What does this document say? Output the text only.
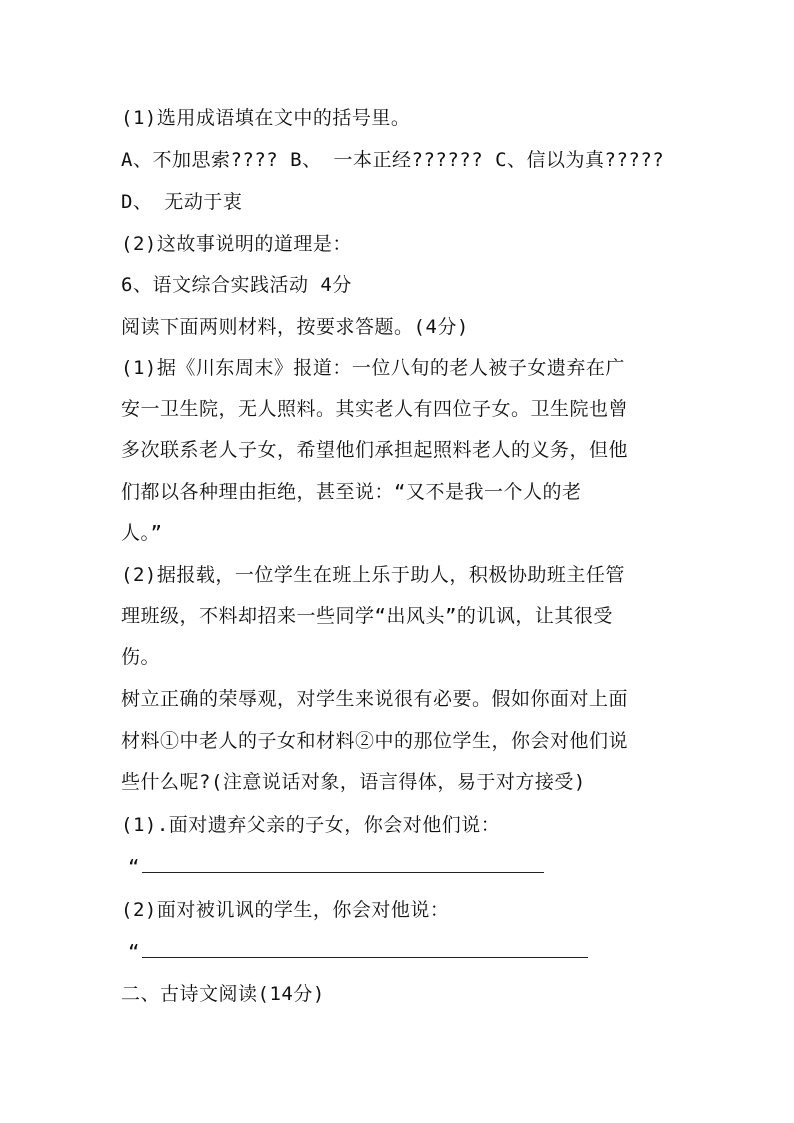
(1)选用成语填在文中的括号里。
A、不加思索???? B、 一本正经?????? C、信以为真?????
D、 无动于衷
(2)这故事说明的道理是：
6、语文综合实践活动 4分
阅读下面两则材料，按要求答题。(4分)
(1)据《川东周末》报道：一位八旬的老人被子女遗弃在广
安一卫生院，无人照料。其实老人有四位子女。卫生院也曾
多次联系老人子女，希望他们承担起照料老人的义务，但他
们都以各种理由拒绝，甚至说：“又不是我一个人的老
人。”
(2)据报载，一位学生在班上乐于助人，积极协助班主任管
理班级，不料却招来一些同学“出风头”的讥讽，让其很受
伤。
树立正确的荣辱观，对学生来说很有必要。假如你面对上面
材料①中老人的子女和材料②中的那位学生，你会对他们说
些什么呢?(注意说话对象，语言得体，易于对方接受)
(1).面对遗弃父亲的子女，你会对他们说：
“
(2)面对被讥讽的学生，你会对他说：
“
二、古诗文阅读(14分)
